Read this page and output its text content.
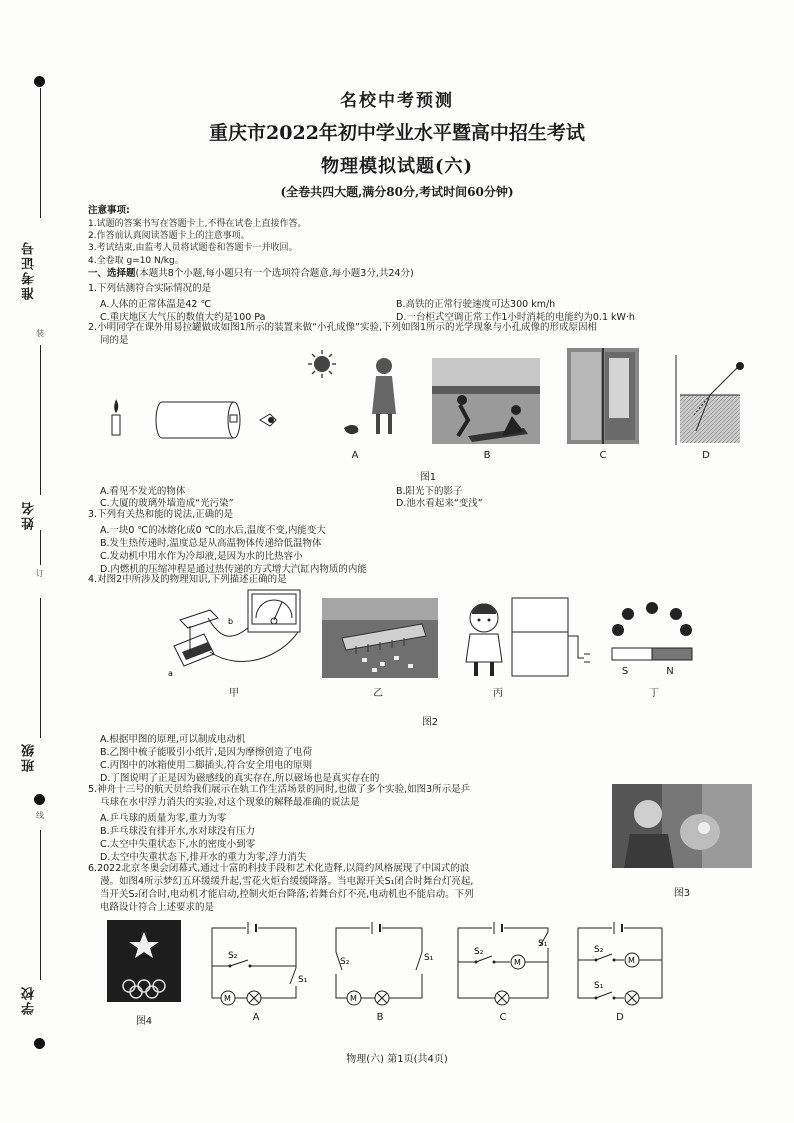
准考证号
装
姓名
订
班级
线
学校
名校中考预测
重庆市2022年初中学业水平暨高中招生考试
物理模拟试题(六)
(全卷共四大题,满分80分,考试时间60分钟)
注意事项:
1.试题的答案书写在答题卡上,不得在试卷上直接作答。
2.作答前认真阅读答题卡上的注意事项。
3.考试结束,由监考人员将试题卷和答题卡一并收回。
4.全卷取 g=10 N/kg。
一、选择题(本题共8个小题,每小题只有一个选项符合题意,每小题3分,共24分)
1.下列估测符合实际情况的是
A.人体的正常体温是42 ℃	B.高铁的正常行驶速度可达300 km/h
C.重庆地区大气压的数值大约是100 Pa	D.一台柜式空调正常工作1小时消耗的电能约为0.1 kW·h
2.小明同学在课外用易拉罐做成如图1所示的装置来做“小孔成像”实验,下列如图1所示的光学现象与小孔成像的形成原因相
同的是
A	B	C	D
图1
A.看见不发光的物体	B.阳光下的影子
C.大厦的玻璃外墙造成“光污染”	D.池水看起来“变浅”
3.下列有关热和能的说法,正确的是
A.一块0 ℃的冰熔化成0 ℃的水后,温度不变,内能变大
B.发生热传递时,温度总是从高温物体传递给低温物体
C.发动机中用水作为冷却液,是因为水的比热容小
D.内燃机的压缩冲程是通过热传递的方式增大汽缸内物质的内能
4.对图2中所涉及的物理知识,下列描述正确的是
a
b
S	N
甲	乙	丙	丁
图2
A.根据甲图的原理,可以制成电动机
B.乙图中梳子能吸引小纸片,是因为摩擦创造了电荷
C.丙图中的冰箱使用二脚插头,符合安全用电的原则
D.丁图说明了正是因为磁感线的真实存在,所以磁场也是真实存在的
5.神舟十三号的航天员给我们展示在轨工作生活场景的同时,也做了多个实验,如图3所示是乒
乓球在水中浮力消失的实验,对这个现象的解释最准确的说法是
A.乒乓球的质量为零,重力为零
B.乒乓球没有排开水,水对球没有压力
C.太空中失重状态下,水的密度小到零
D.太空中失重状态下,排开水的重力为零,浮力消失
图3
6.2022北京冬奥会闭幕式,通过十富的科技手段和艺术化造释,以简约风格展现了中国式的浪
漫。如图4所示梦幻五环缓缓升起,雪花火炬台缓缓降落。当电源开关S₁闭合时舞台灯亮起,
当开关S₂闭合时,电动机才能启动,控制火炬台降落;若舞台灯不亮,电动机也不能启动。下列
电路设计符合上述要求的是
图4
S₂
S₁
M
S₂	S₁
M
S₁
M
S₂
M
S₂
S₁
A	B	C	D
物理(六) 第1页(共4页)
